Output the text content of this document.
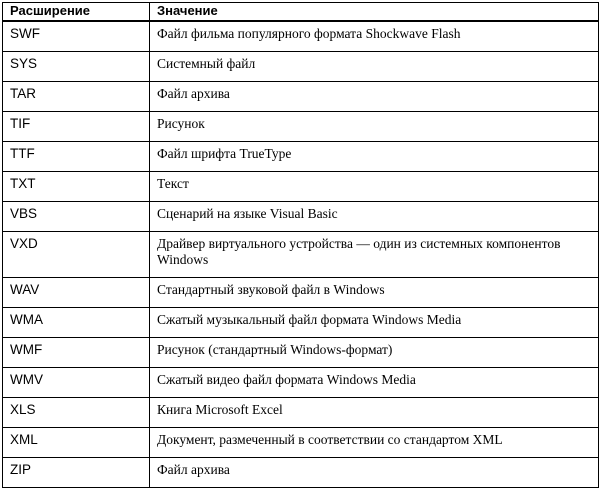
Расширение	Значение
SWF	Файл фильма популярного формата Shockwave Flash
SYS	Системный файл
TAR	Файл архива
TIF	Рисунок
TTF	Файл шрифта TrueType
TXT	Текст
VBS	Сценарий на языке Visual Basic
VXD	Драйвер виртуального устройства — один из системных компонентов Windows
WAV	Стандартный звуковой файл в Windows
WMA	Сжатый музыкальный файл формата Windows Media
WMF	Рисунок (стандартный Windows-формат)
WMV	Сжатый видео файл формата Windows Media
XLS	Книга Microsoft Excel
XML	Документ, размеченный в соответствии со стандартом XML
ZIP	Файл архива
